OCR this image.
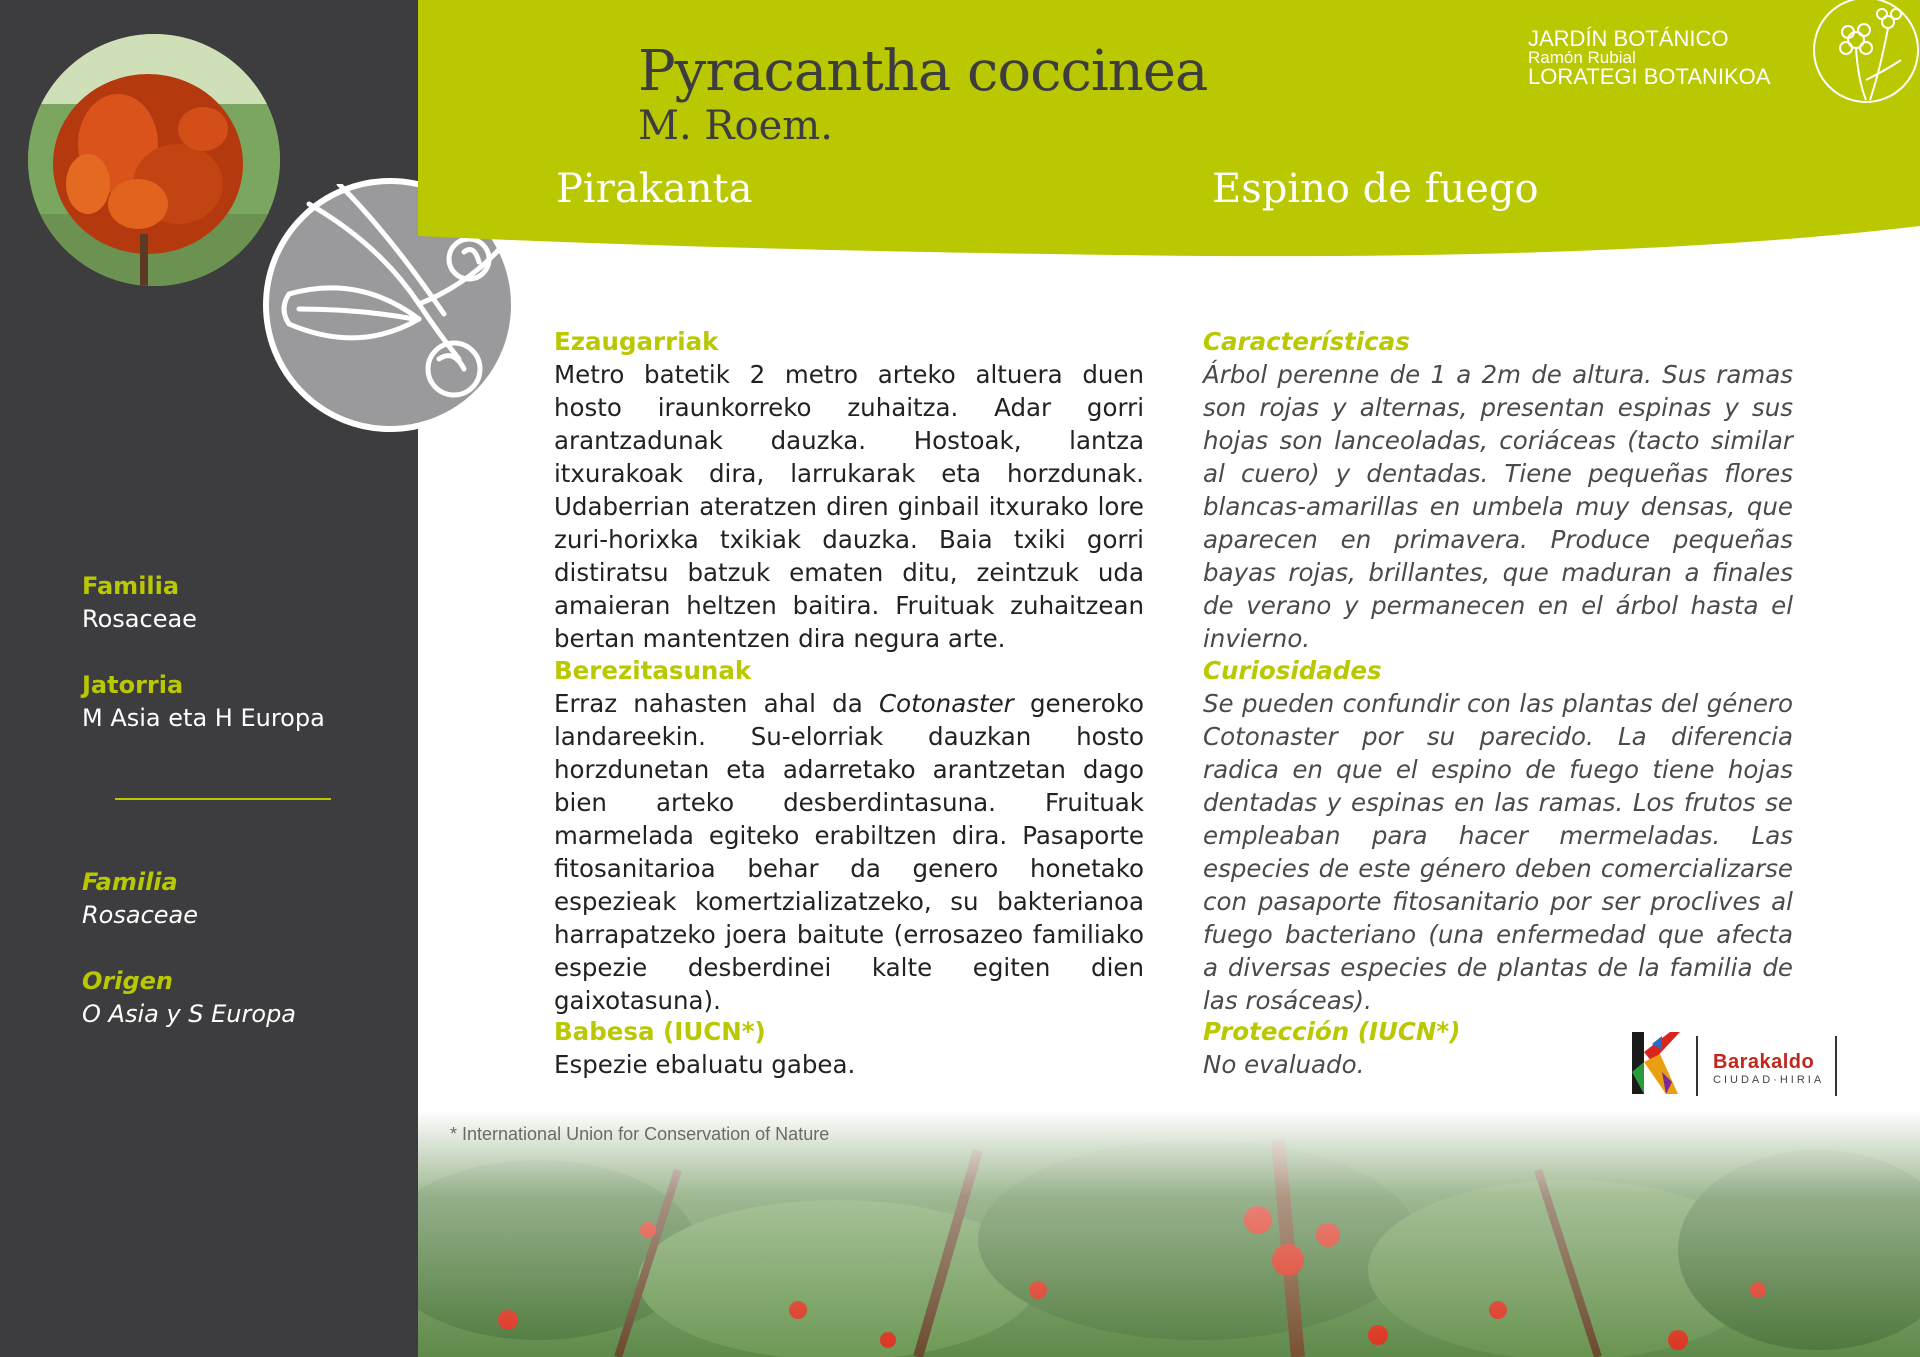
Familia
Rosaceae
Jatorria
M Asia eta H Europa
Familia
Rosaceae
Origen
O Asia y S Europa
Pyracantha coccinea
M. Roem.
Pirakanta	Espino de fuego
JARDÍN BOTÁNICO
Ramón Rubial
LORATEGI BOTANIKOA
Ezaugarriak
Metro batetik 2 metro arteko altuera duen hosto iraunkorreko zuhaitza. Adar gorri arantzadunak dauzka. Hostoak, lantza itxurakoak dira, larrukarak eta horzdunak. Udaberrian ateratzen diren ginbail itxurako lore zuri-horixka txikiak dauzka. Baia txiki gorri distiratsu batzuk ematen ditu, zeintzuk uda amaieran heltzen baitira. Fruituak zuhaitzean bertan mantentzen dira negura arte.
Berezitasunak
Erraz nahasten ahal da Cotonaster generoko landareekin. Su-elorriak dauzkan hosto horzdunetan eta adarretako arantzetan dago bien arteko desberdintasuna. Fruituak marmelada egiteko erabiltzen dira. Pasaporte fitosanitarioa behar da genero honetako espezieak komertzializatzeko, su bakterianoa harrapatzeko joera baitute (errosazeo familiako espezie desberdinei kalte egiten dien gaixotasuna).
Babesa (IUCN*)
Espezie ebaluatu gabea.
Características
Árbol perenne de 1 a 2m de altura. Sus ramas son rojas y alternas, presentan espinas y sus hojas son lanceoladas, coriáceas (tacto similar al cuero) y dentadas. Tiene pequeñas flores blancas-amarillas en umbela muy densas, que aparecen en primavera. Produce pequeñas bayas rojas, brillantes, que maduran a finales de verano y permanecen en el árbol hasta el invierno.
Curiosidades
Se pueden confundir con las plantas del género Cotonaster por su parecido. La diferencia radica en que el espino de fuego tiene hojas dentadas y espinas en las ramas. Los frutos se empleaban para hacer mermeladas. Las especies de este género deben comercializarse con pasaporte fitosanitario por ser proclives al fuego bacteriano (una enfermedad que afecta a diversas especies de plantas de la familia de las rosáceas).
Protección (IUCN*)
No evaluado.	Barakaldo
CIUDAD·HIRIA
* International Union for Conservation of Nature
